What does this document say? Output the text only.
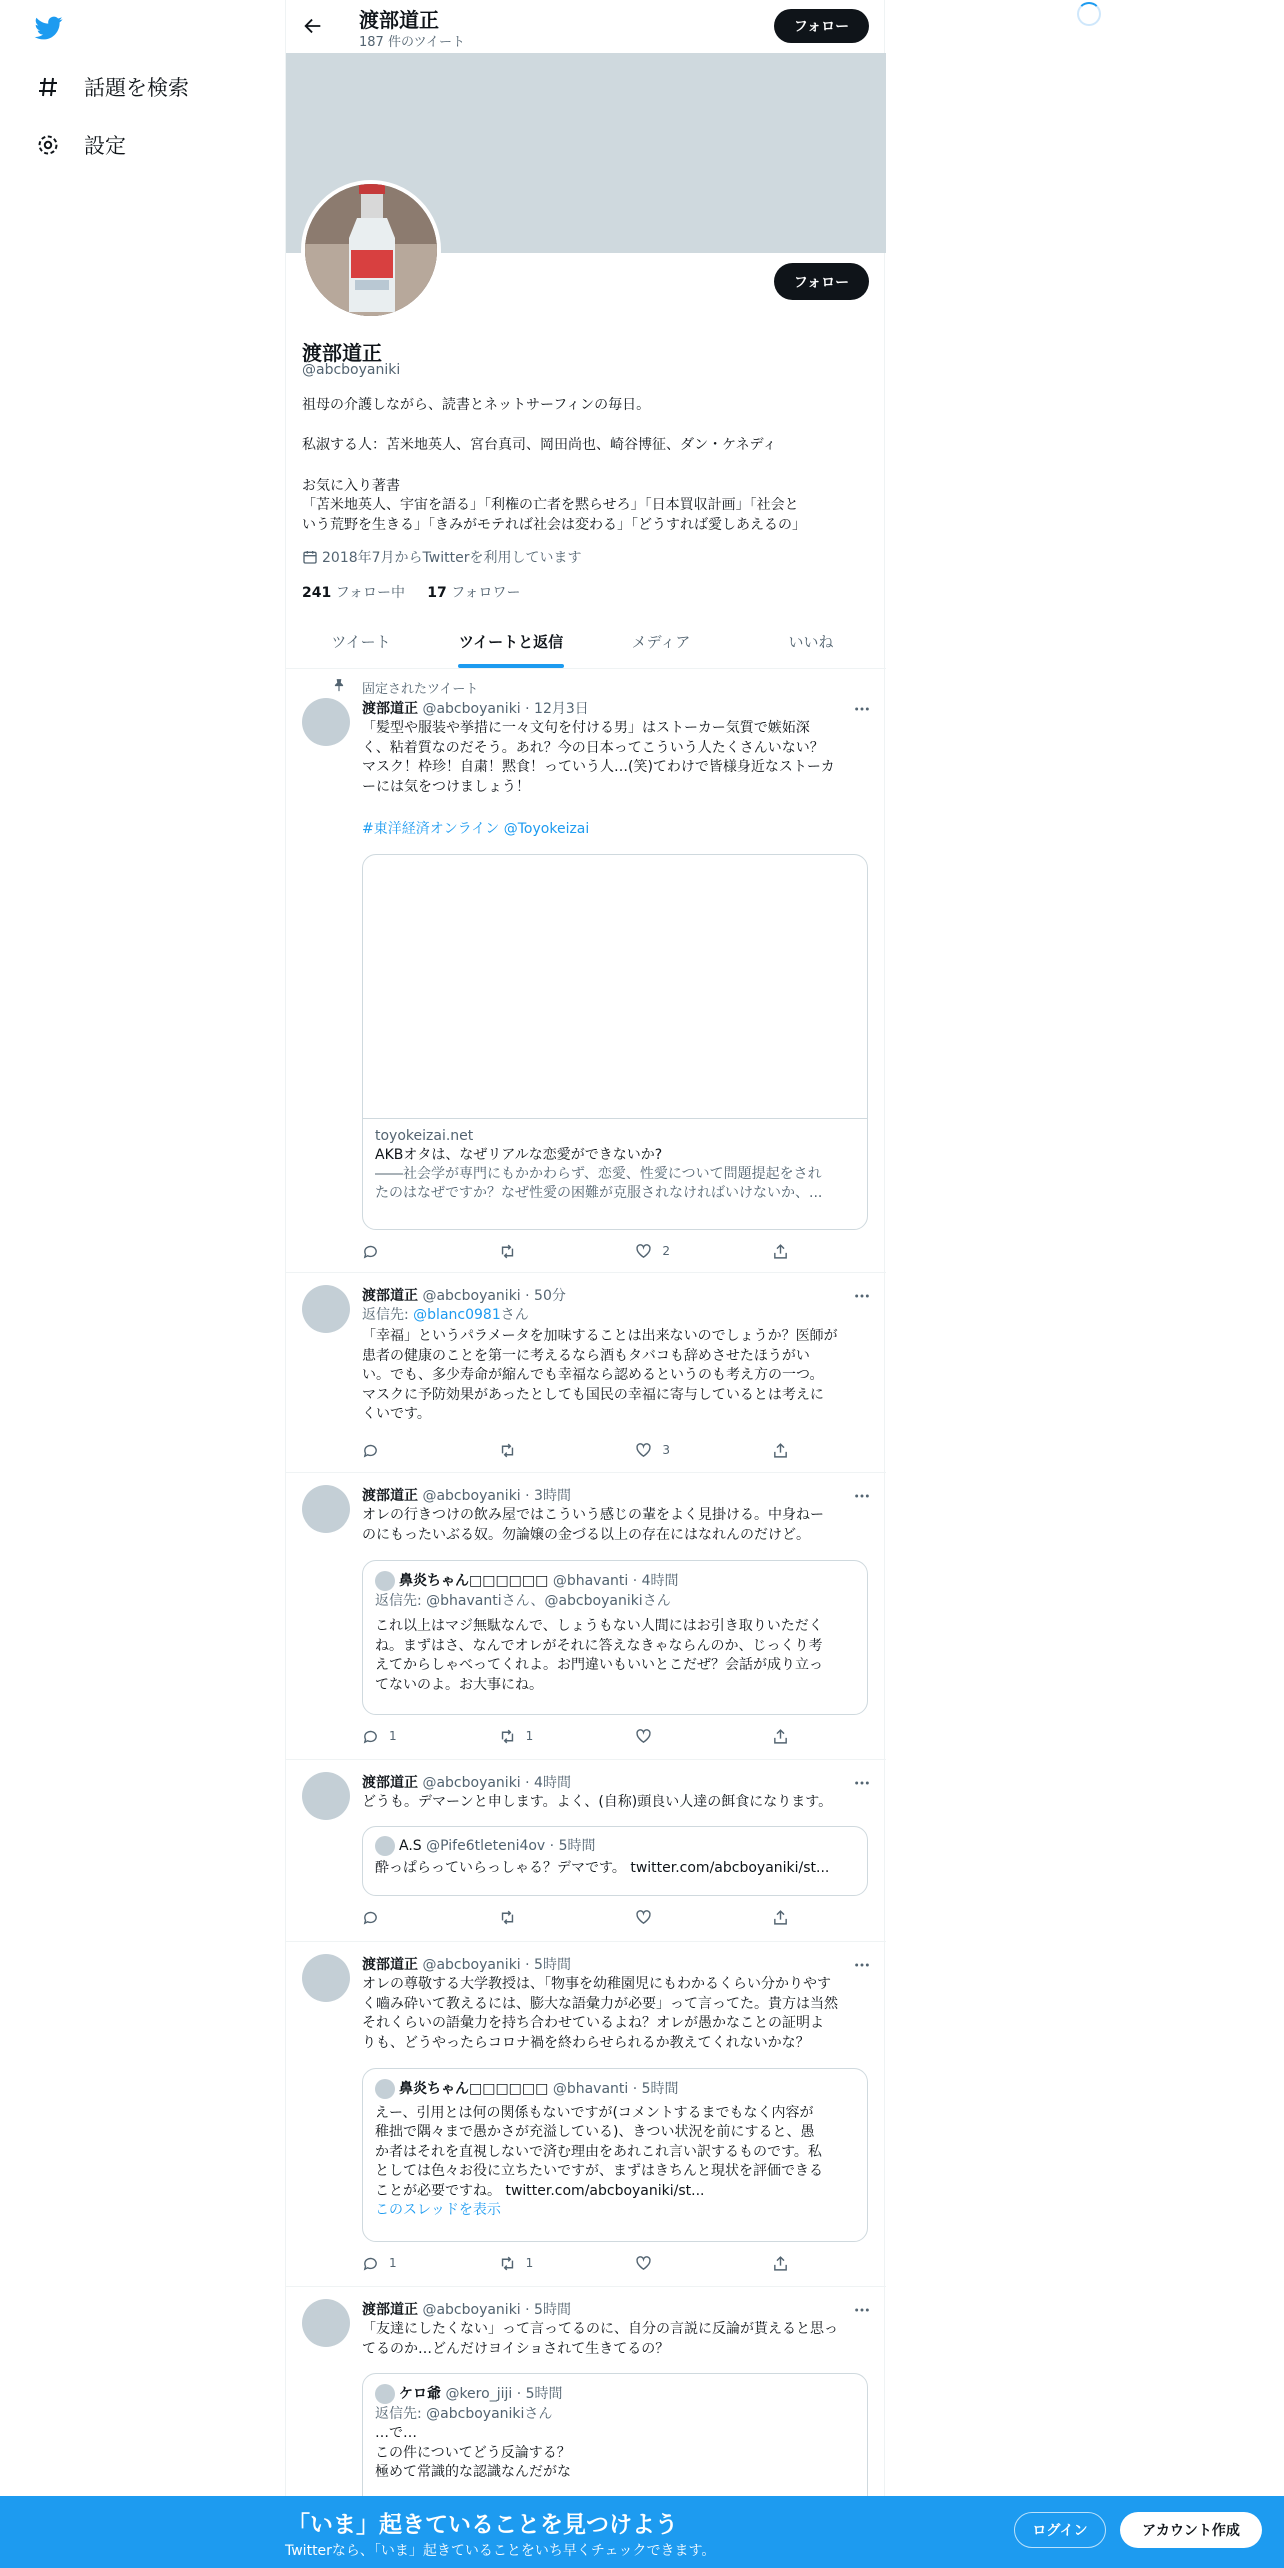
話題を検索
設定
渡部道正
187 件のツイート
フォロー
フォロー
渡部道正
@abcboyaniki
祖母の介護しながら、読書とネットサーフィンの毎日。
私淑する人：苫米地英人、宮台真司、岡田尚也、崎谷博征、ダン・ケネディ
お気に入り著書
「苫米地英人、宇宙を語る」「利権の亡者を黙らせろ」「日本買収計画」「社会と
いう荒野を生きる」「きみがモテれば社会は変わる」「どうすれば愛しあえるの」
2018年7月からTwitterを利用しています
241 フォロー中 17 フォロワー
ツイート	ツイートと返信	メディア	いいね
固定されたツイート
渡部道正 @abcboyaniki · 12月3日
「髪型や服装や挙措に一々文句を付ける男」はストーカー気質で嫉妬深
く、粘着質なのだそう。あれ？今の日本ってこういう人たくさんいない？
マスク！枠珍！自粛！黙食！っていう人…(笑)てわけで皆様身近なストーカ
ーには気をつけましょう！
#東洋経済オンライン @Toyokeizai
toyokeizai.net
AKBオタは、なぜリアルな恋愛ができないか?
――社会学が専門にもかかわらず、恋愛、性愛について問題提起をされ
たのはなぜですか？なぜ性愛の困難が克服されなければいけないか、...
2
渡部道正 @abcboyaniki · 50分
返信先: @blanc0981さん
「幸福」というパラメータを加味することは出来ないのでしょうか？医師が
患者の健康のことを第一に考えるなら酒もタバコも辞めさせたほうがい
い。でも、多少寿命が縮んでも幸福なら認めるというのも考え方の一つ。
マスクに予防効果があったとしても国民の幸福に寄与しているとは考えに
くいです。
3
渡部道正 @abcboyaniki · 3時間
オレの行きつけの飲み屋ではこういう感じの輩をよく見掛ける。中身ねー
のにもったいぶる奴。勿論嬢の金づる以上の存在にはなれんのだけど。
鼻炎ちゃん□□□□□□ @bhavanti · 4時間
返信先: @bhavantiさん、@abcboyanikiさん
これ以上はマジ無駄なんで、しょうもない人間にはお引き取りいただく
ね。まずはさ、なんでオレがそれに答えなきゃならんのか、じっくり考
えてからしゃべってくれよ。お門違いもいいとこだぜ？会話が成り立っ
てないのよ。お大事にね。
1	1
渡部道正 @abcboyaniki · 4時間
どうも。デマーンと申します。よく、(自称)頭良い人達の餌食になります。
A.S @Pife6tleteni4ov · 5時間
酔っぱらっていらっしゃる？デマです。 twitter.com/abcboyaniki/st...
渡部道正 @abcboyaniki · 5時間
オレの尊敬する大学教授は、「物事を幼稚園児にもわかるくらい分かりやす
く嚙み砕いて教えるには、膨大な語彙力が必要」って言ってた。貴方は当然
それくらいの語彙力を持ち合わせているよね？オレが愚かなことの証明よ
りも、どうやったらコロナ禍を終わらせられるか教えてくれないかな？
鼻炎ちゃん□□□□□□ @bhavanti · 5時間
えー、引用とは何の関係もないですが(コメントするまでもなく内容が
稚拙で隅々まで愚かさが充溢している)、きつい状況を前にすると、愚
か者はそれを直視しないで済む理由をあれこれ言い訳するものです。私
としては色々お役に立ちたいですが、まずはきちんと現状を評価できる
ことが必要ですね。 twitter.com/abcboyaniki/st...
このスレッドを表示
1	1
渡部道正 @abcboyaniki · 5時間
「友達にしたくない」って言ってるのに、自分の言説に反論が貰えると思っ
てるのか…どんだけヨイショされて生きてるの？
ケロ爺 @kero_jiji · 5時間
返信先: @abcboyanikiさん
…で…
この件についてどう反論する？
極めて常識的な認識なんだがな
「いま」起きていることを見つけよう
Twitterなら、「いま」起きていることをいち早くチェックできます。
ログイン	アカウント作成
